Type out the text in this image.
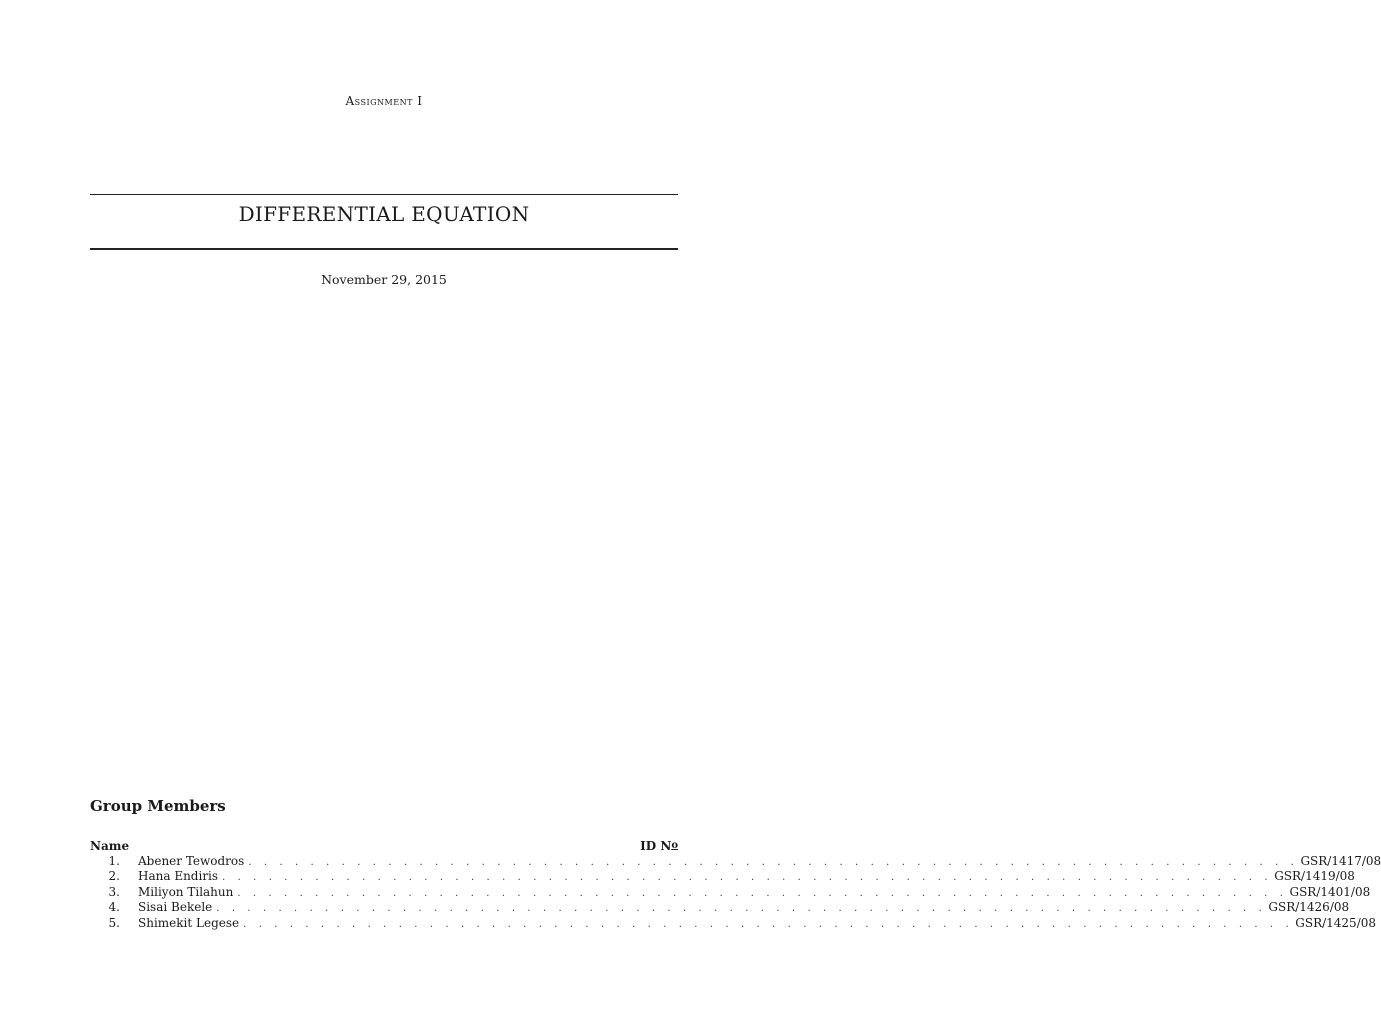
Assignment I
DIFFERENTIAL EQUATION
November 29, 2015
Group Members
Name	ID No
1.	Abener Tewodros . . . . . . . . . . . . . . . . . . . . . . . . . . . . . . . . . . . . . . . . . . . . . . . . . . . . . . . . . . . . . . . . . . . . GSR/1417/08
2.	Hana Endiris . . . . . . . . . . . . . . . . . . . . . . . . . . . . . . . . . . . . . . . . . . . . . . . . . . . . . . . . . . . . . . . . . . . . GSR/1419/08
3.	Miliyon Tilahun . . . . . . . . . . . . . . . . . . . . . . . . . . . . . . . . . . . . . . . . . . . . . . . . . . . . . . . . . . . . . . . . . . . . GSR/1401/08
4.	Sisai Bekele . . . . . . . . . . . . . . . . . . . . . . . . . . . . . . . . . . . . . . . . . . . . . . . . . . . . . . . . . . . . . . . . . . . . GSR/1426/08
5.	Shimekit Legese . . . . . . . . . . . . . . . . . . . . . . . . . . . . . . . . . . . . . . . . . . . . . . . . . . . . . . . . . . . . . . . . . . . . GSR/1425/08
